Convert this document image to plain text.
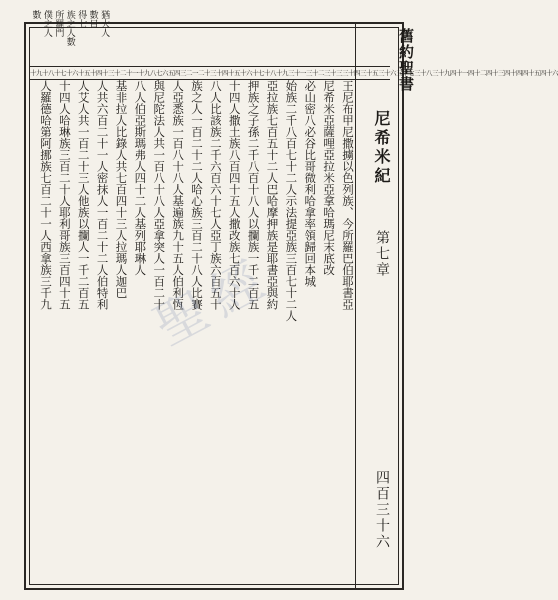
舊約聖書
尼希米紀
第七章
四百三十六
猶大人
數目
得七
族之人數
所羅門
僕之人
數
十九十八十七十六十五十四十三十二十一十九八七六五四三二一二十三十四十五十六十七十八十九三十一三十二三十三三十四三十五三十六三十七三十八三十九四十一四十二四十三四十四四十五四十六
王尼布甲尼撒擄以色列族、今所羅巴伯耶書亞
尼希米亞薩哩亞拉米亞拿哈瑪尼末底改
必山密八必谷比哥微利哈拿率領歸回本城
始族二千八百七十二人示法提亞族三百七十二人
亞拉族七百五十二人巴哈摩押族是耶書亞與約
押族之子孫二千八百十八人以攔族一千二百五
十四人撒土族八百四十五人撒改族七百六十人
八人比該族二千六百六十七人亞丁族六百五十
族之人一百二十二人哈心族三百二十八人比賽
人亞悉族一百八十八人基遍族九十五人伯利恆
與尼陀法人共一百八十八人亞拿突人一百二十
八人伯亞斯瑪弗人四十二人基列耶琳人
基非拉人比錄人共七百四十三人拉瑪人迦巴
人共六百二十一人密抹人一百二十二人伯特利
人艾人共一百二十三人他族以攔人一千二百五
十四人哈琳族三百二十人耶利哥族三百四十五
人羅德哈第阿挪族七百二十一人西拿族三千九	聖經
